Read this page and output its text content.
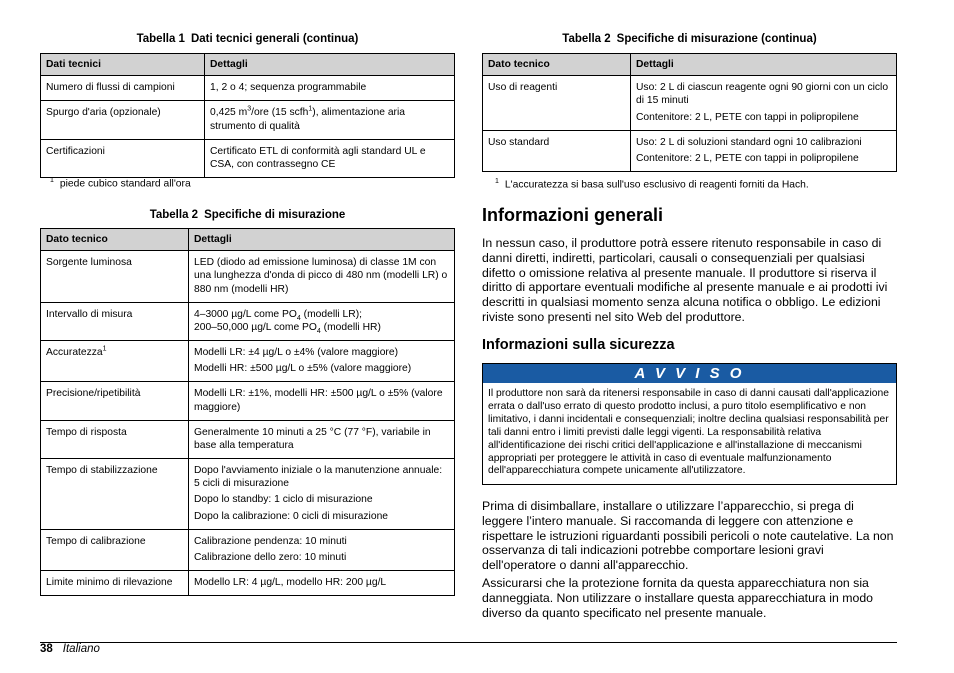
Tabella 1 Dati tecnici generali (continua)
Dati tecnici	Dettagli
Numero di flussi di campioni	1, 2 o 4; sequenza programmabile
Spurgo d'aria (opzionale)	0,425 $m^3$/ore (15 scfh$^1$), alimentazione aria strumento di qualità
Certificazioni	Certificato ETL di conformità agli standard UL e CSA, con contrassegno CE
$^1$ piede cubico standard all'ora
Tabella 2 Specifiche di misurazione
Dato tecnico	Dettagli
Sorgente luminosa	LED (diodo ad emissione luminosa) di classe 1M con una lunghezza d'onda di picco di 480 nm (modelli LR) o 880 nm (modelli HR)

Intervallo di misura	4–3000 µg/L come $PO_4$ (modelli LR);

200–50,000 µg/L come $PO_4$ (modelli HR)

Accuratezza$^1$	Modelli LR: ±4 µg/L o ±4% (valore maggiore)

Modelli HR: ±500 µg/L o ±5% (valore maggiore)

Precisione/ripetibilità	Modelli LR: ±1%, modelli HR: ±500 µg/L o ±5% (valore maggiore)

Tempo di risposta	Generalmente 10 minuti a 25 °C (77 °F), variabile in base alla temperatura

Tempo di stabilizzazione	Dopo l'avviamento iniziale o la manutenzione annuale: 5 cicli di misurazione

Dopo lo standby: 1 ciclo di misurazione

Dopo la calibrazione: 0 cicli di misurazione

Tempo di calibrazione	Calibrazione pendenza: 10 minuti

Calibrazione dello zero: 10 minuti

Limite minimo di rilevazione	Modello LR: 4 µg/L, modello HR: 200 µg/L

Tabella 2 Specifiche di misurazione (continua)
Dato tecnico	Dettagli
Uso di reagenti	Uso: 2 L di ciascun reagente ogni 90 giorni con un ciclo di 15 minuti

Contenitore: 2 L, PETE con tappi in polipropilene

Uso standard	Uso: 2 L di soluzioni standard ogni 10 calibrazioni

Contenitore: 2 L, PETE con tappi in polipropilene

$^1$ L'accuratezza si basa sull'uso esclusivo di reagenti forniti da Hach.
Informazioni generali

In nessun caso, il produttore potrà essere ritenuto responsabile in caso di danni diretti, indiretti, particolari, causali o consequenziali per qualsiasi difetto o omissione relativa al presente manuale. Il produttore si riserva il diritto di apportare eventuali modifiche al presente manuale e ai prodotti ivi descritti in qualsiasi momento senza alcuna notifica o obbligo. Le edizioni riviste sono presenti nel sito Web del produttore.

Informazioni sulla sicurezza
A V V I S O
Il produttore non sarà da ritenersi responsabile in caso di danni causati dall'applicazione errata o dall'uso errato di questo prodotto inclusi, a puro titolo esemplificativo e non limitativo, i danni incidentali e consequenziali; inoltre declina qualsiasi responsabilità per tali danni entro i limiti previsti dalle leggi vigenti. La responsabilità relativa all'identificazione dei rischi critici dell'applicazione e all'installazione di meccanismi appropriati per proteggere le attività in caso di eventuale malfunzionamento dell'apparecchiatura compete unicamente all'utilizzatore.

Prima di disimballare, installare o utilizzare l’apparecchio, si prega di leggere l’intero manuale. Si raccomanda di leggere con attenzione e rispettare le istruzioni riguardanti possibili pericoli o note cautelative. La non osservanza di tali indicazioni potrebbe comportare lesioni gravi dell'operatore o danni all'apparecchio.

Assicurarsi che la protezione fornita da questa apparecchiatura non sia danneggiata. Non utilizzare o installare questa apparecchiatura in modo diverso da quanto specificato nel presente manuale.

38 Italiano
